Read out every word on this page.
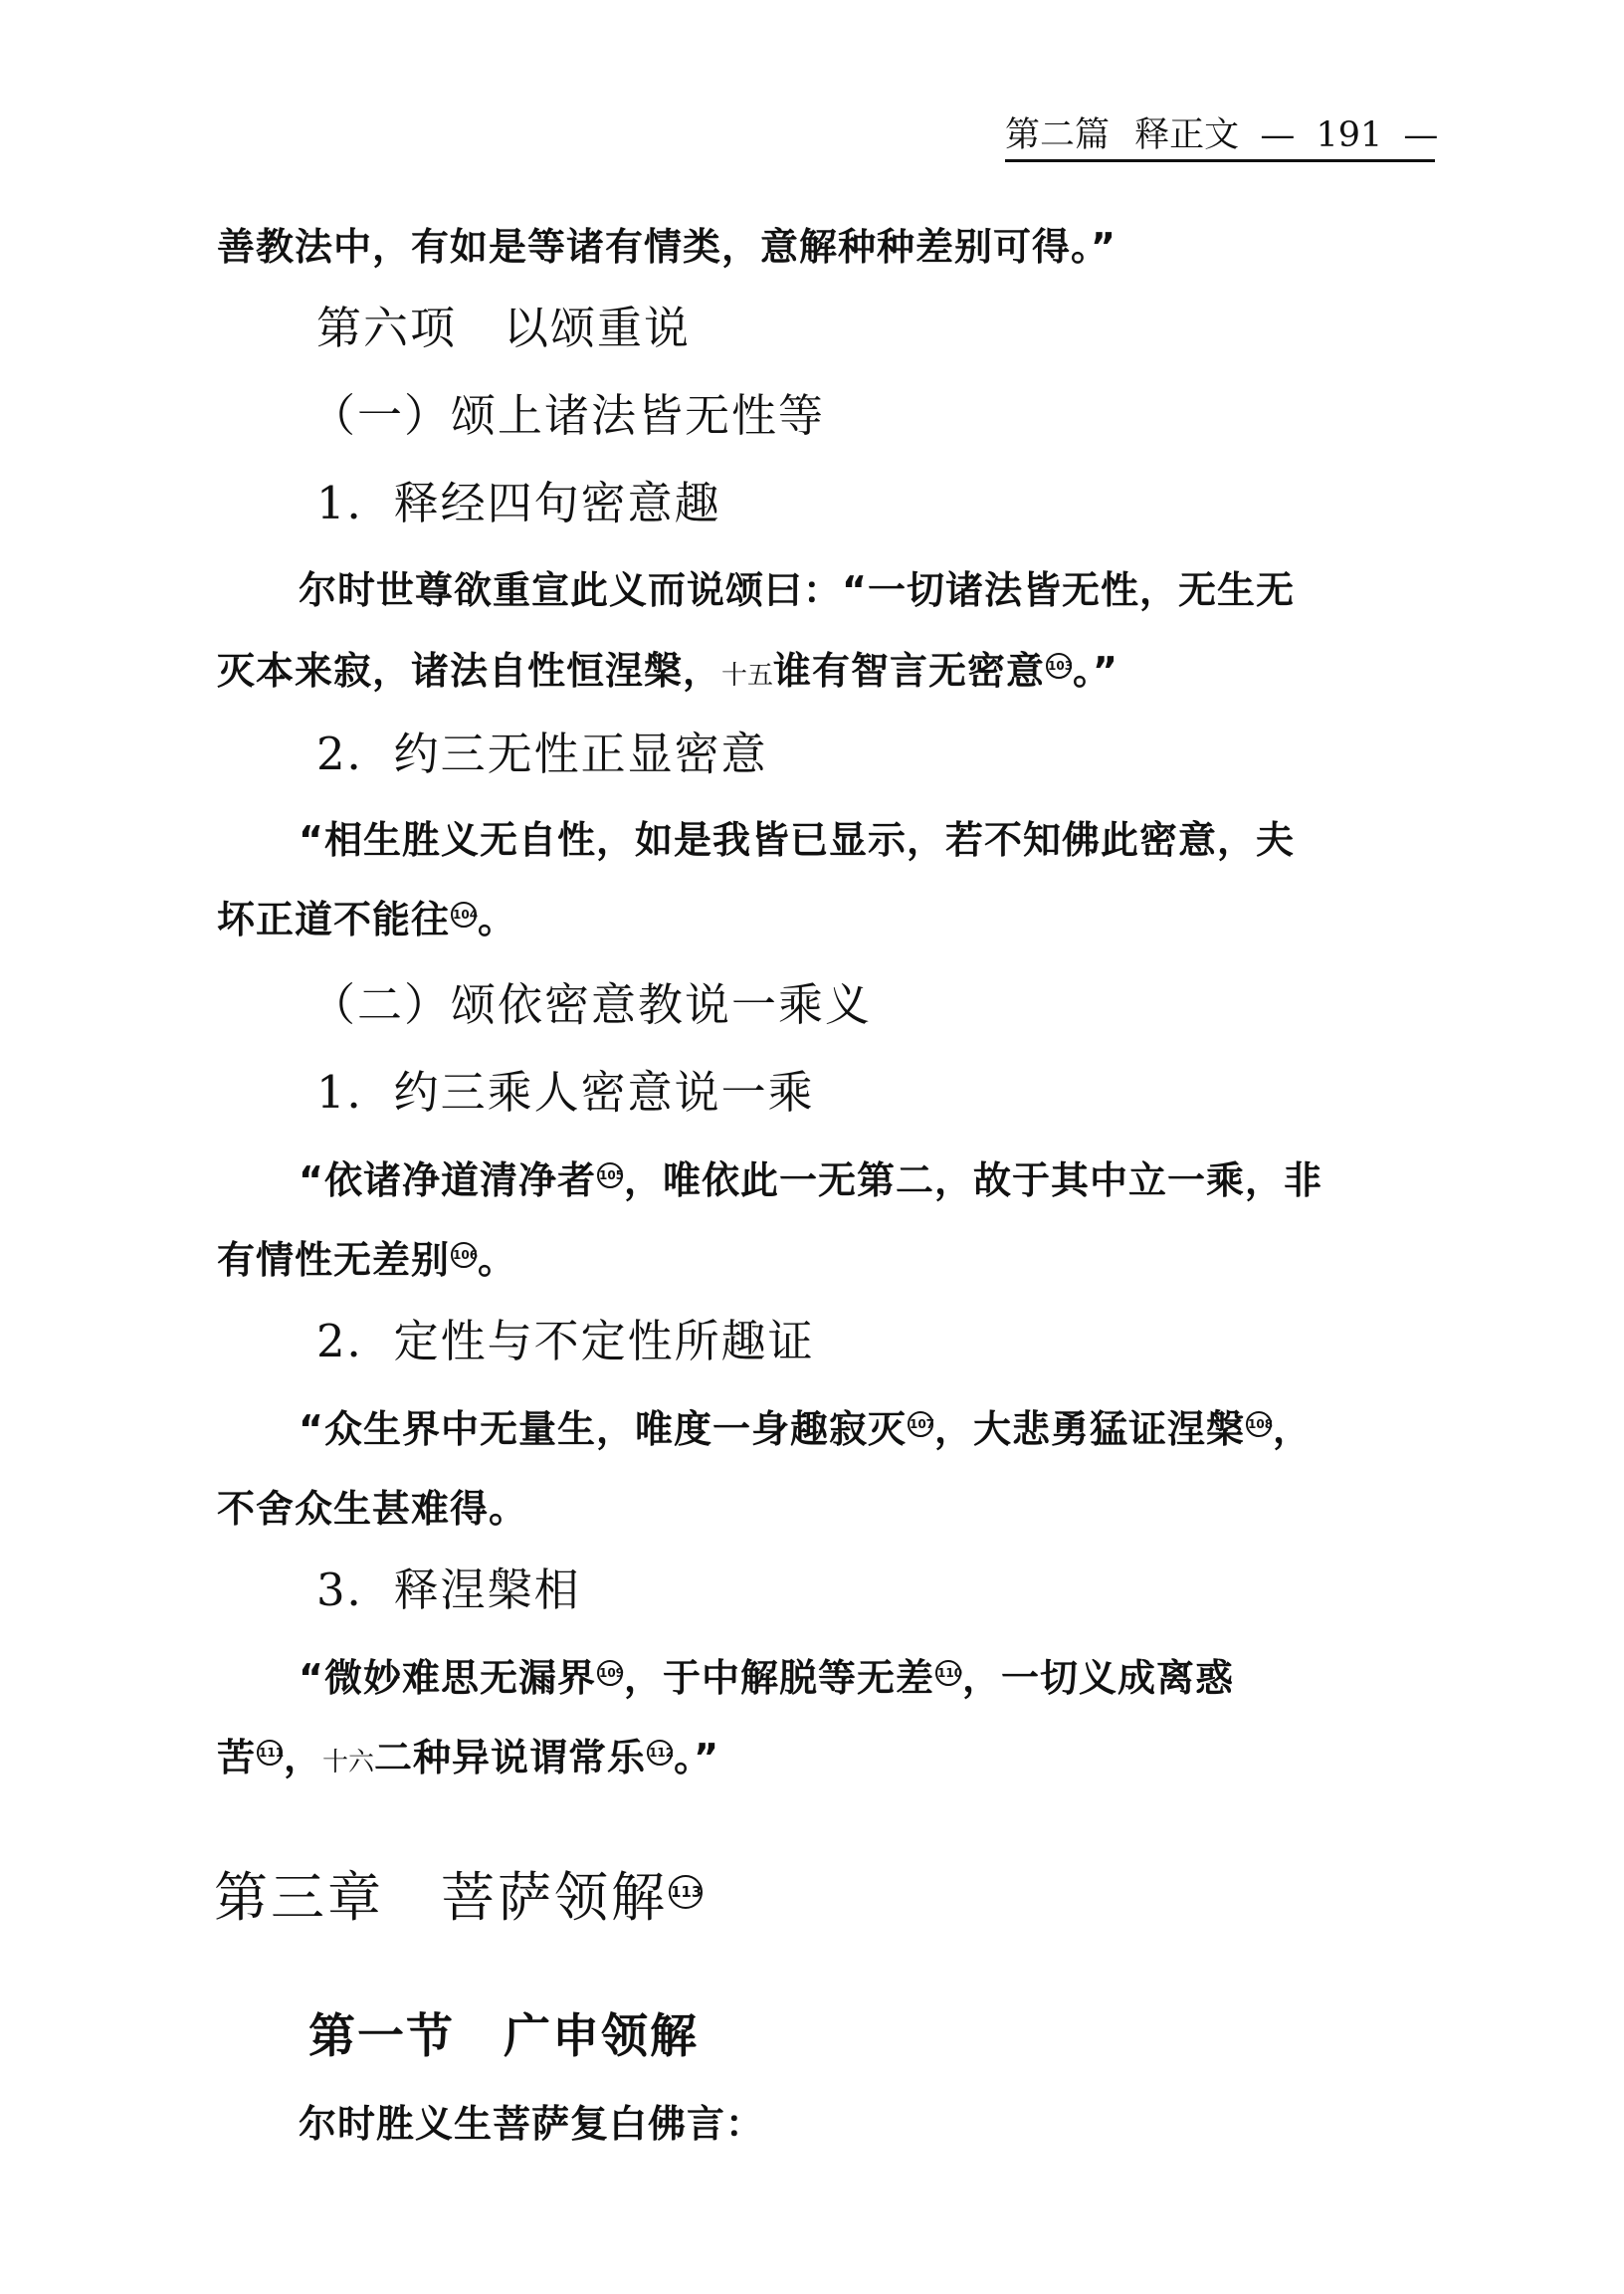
第二篇 释正文 — 191 —
善教法中，有如是等诸有情类，意解种种差别可得。”
第六项　以颂重说
（一）颂上诸法皆无性等
1．释经四句密意趣
尔时世尊欲重宣此义而说颂曰：“一切诸法皆无性，无生无
灭本来寂，诸法自性恒涅槃，十五谁有智言无密意 103。”
2．约三无性正显密意
“相生胜义无自性，如是我皆已显示，若不知佛此密意，夫
坏正道不能往 104。
（二）颂依密意教说一乘义
1．约三乘人密意说一乘
“依诸净道清净者 105，唯依此一无第二，故于其中立一乘，非
有情性无差别 106。
2．定性与不定性所趣证
“众生界中无量生，唯度一身趣寂灭 107，大悲勇猛证涅槃 108，
不舍众生甚难得。
3．释涅槃相
“微妙难思无漏界 109，于中解脱等无差 110，一切义成离惑
苦 111，十六二种异说谓常乐 112。”
第三章　菩萨领解 113
第一节　广申领解
尔时胜义生菩萨复白佛言：
